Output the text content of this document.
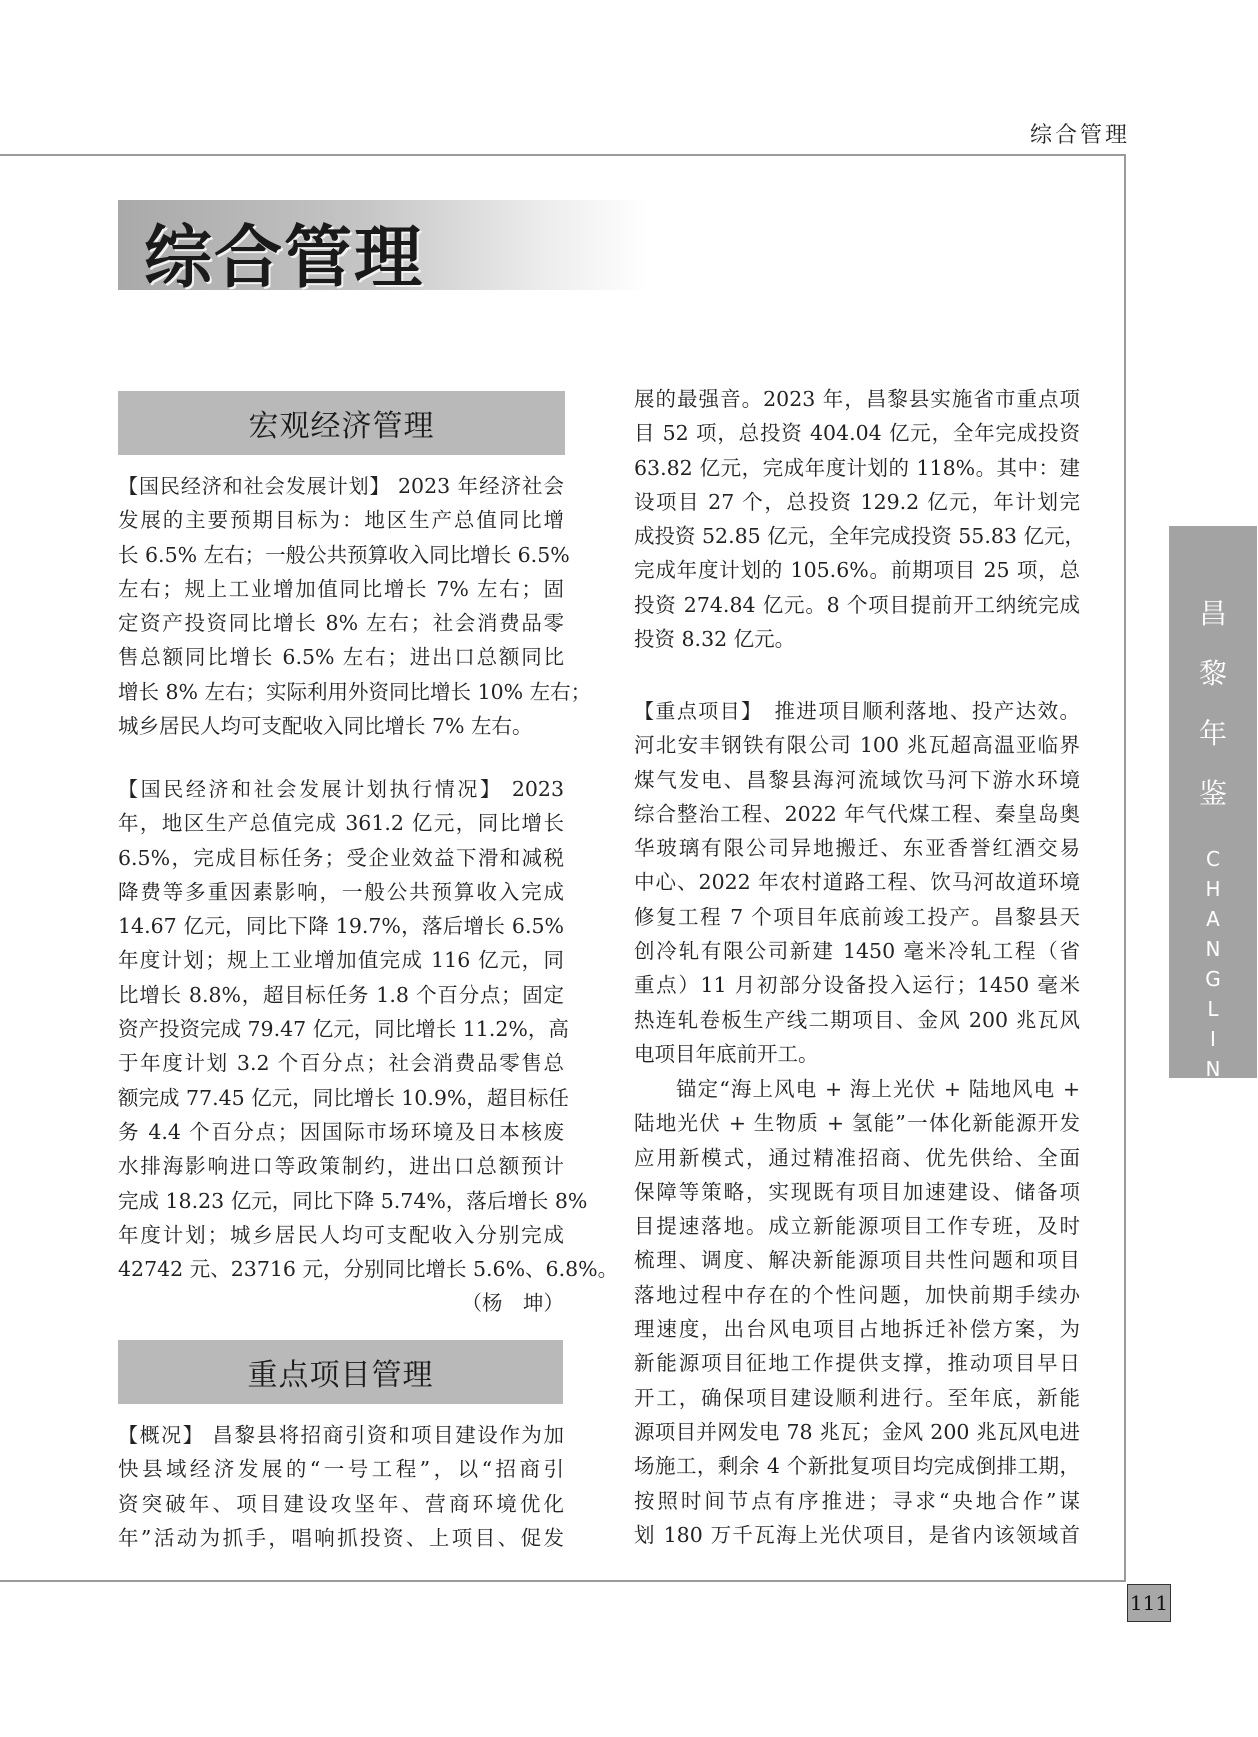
综合管理
综合管理
宏观经济管理
【国民经济和社会发展计划】 2023 年经济社会
发展的主要预期目标为：地区生产总值同比增
长 6.5% 左右；一般公共预算收入同比增长 6.5%
左右；规上工业增加值同比增长 7% 左右；固
定资产投资同比增长 8% 左右；社会消费品零
售总额同比增长 6.5% 左右；进出口总额同比
增长 8% 左右；实际利用外资同比增长 10% 左右；
城乡居民人均可支配收入同比增长 7% 左右。
【国民经济和社会发展计划执行情况】 2023
年，地区生产总值完成 361.2 亿元，同比增长
6.5%，完成目标任务；受企业效益下滑和减税
降费等多重因素影响，一般公共预算收入完成
14.67 亿元，同比下降 19.7%，落后增长 6.5%
年度计划；规上工业增加值完成 116 亿元，同
比增长 8.8%，超目标任务 1.8 个百分点；固定
资产投资完成 79.47 亿元，同比增长 11.2%，高
于年度计划 3.2 个百分点；社会消费品零售总
额完成 77.45 亿元，同比增长 10.9%，超目标任
务 4.4 个百分点；因国际市场环境及日本核废
水排海影响进口等政策制约，进出口总额预计
完成 18.23 亿元，同比下降 5.74%，落后增长 8%
年度计划；城乡居民人均可支配收入分别完成
42742 元、23716 元，分别同比增长 5.6%、6.8%。
（杨　坤）
重点项目管理
【概况】 昌黎县将招商引资和项目建设作为加
快县域经济发展的“一号工程”，以“招商引
资突破年、项目建设攻坚年、营商环境优化
年”活动为抓手，唱响抓投资、上项目、促发
展的最强音。2023 年，昌黎县实施省市重点项
目 52 项，总投资 404.04 亿元，全年完成投资
63.82 亿元，完成年度计划的 118%。其中：建
设项目 27 个，总投资 129.2 亿元，年计划完
成投资 52.85 亿元，全年完成投资 55.83 亿元，
完成年度计划的 105.6%。前期项目 25 项，总
投资 274.84 亿元。8 个项目提前开工纳统完成
投资 8.32 亿元。
【重点项目】　 推进项目顺利落地、投产达效。
河北安丰钢铁有限公司 100 兆瓦超高温亚临界
煤气发电、昌黎县海河流域饮马河下游水环境
综合整治工程、2022 年气代煤工程、秦皇岛奥
华玻璃有限公司异地搬迁、东亚香誉红酒交易
中心、2022 年农村道路工程、饮马河故道环境
修复工程 7 个项目年底前竣工投产。昌黎县天
创冷轧有限公司新建 1450 毫米冷轧工程（省
重点）11 月初部分设备投入运行；1450 毫米
热连轧卷板生产线二期项目、金风 200 兆瓦风
电项目年底前开工。
锚定“海上风电 + 海上光伏 + 陆地风电 +
陆地光伏 + 生物质 + 氢能”一体化新能源开发
应用新模式，通过精准招商、优先供给、全面
保障等策略，实现既有项目加速建设、储备项
目提速落地。成立新能源项目工作专班，及时
梳理、调度、解决新能源项目共性问题和项目
落地过程中存在的个性问题，加快前期手续办
理速度，出台风电项目占地拆迁补偿方案，为
新能源项目征地工作提供支撑，推动项目早日
开工，确保项目建设顺利进行。至年底，新能
源项目并网发电 78 兆瓦；金风 200 兆瓦风电进
场施工，剩余 4 个新批复项目均完成倒排工期，
按照时间节点有序推进；寻求“央地合作”谋
划 180 万千瓦海上光伏项目，是省内该领域首
昌
黎
年
鉴
C
H
A
N
G
L
I
N
I
A
N
J
I
A
N
111
